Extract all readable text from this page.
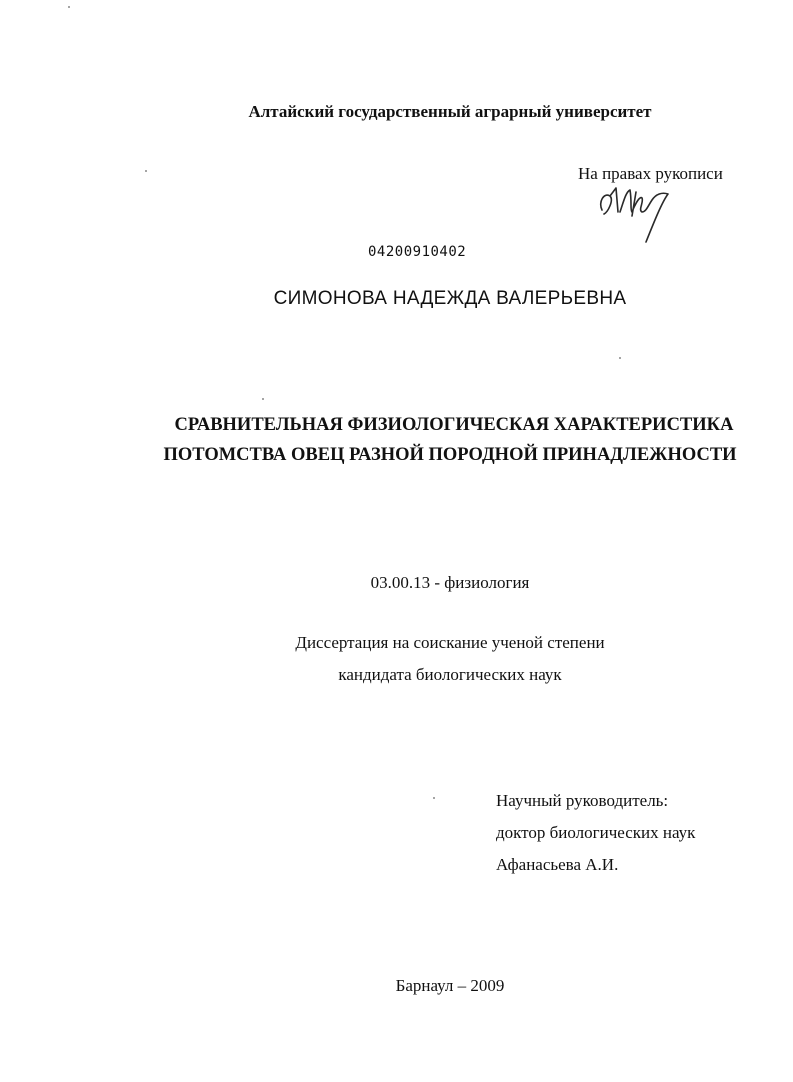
Алтайский государственный аграрный университет
На правах рукописи
04200910402
СИМОНОВА НАДЕЖДА ВАЛЕРЬЕВНА
СРАВНИТЕЛЬНАЯ ФИЗИОЛОГИЧЕСКАЯ ХАРАКТЕРИСТИКА
ПОТОМСТВА ОВЕЦ РАЗНОЙ ПОРОДНОЙ ПРИНАДЛЕЖНОСТИ
03.00.13 - физиология
Диссертация на соискание ученой степени
кандидата биологических наук
Научный руководитель:
доктор биологических наук
Афанасьева А.И.
Барнаул – 2009
